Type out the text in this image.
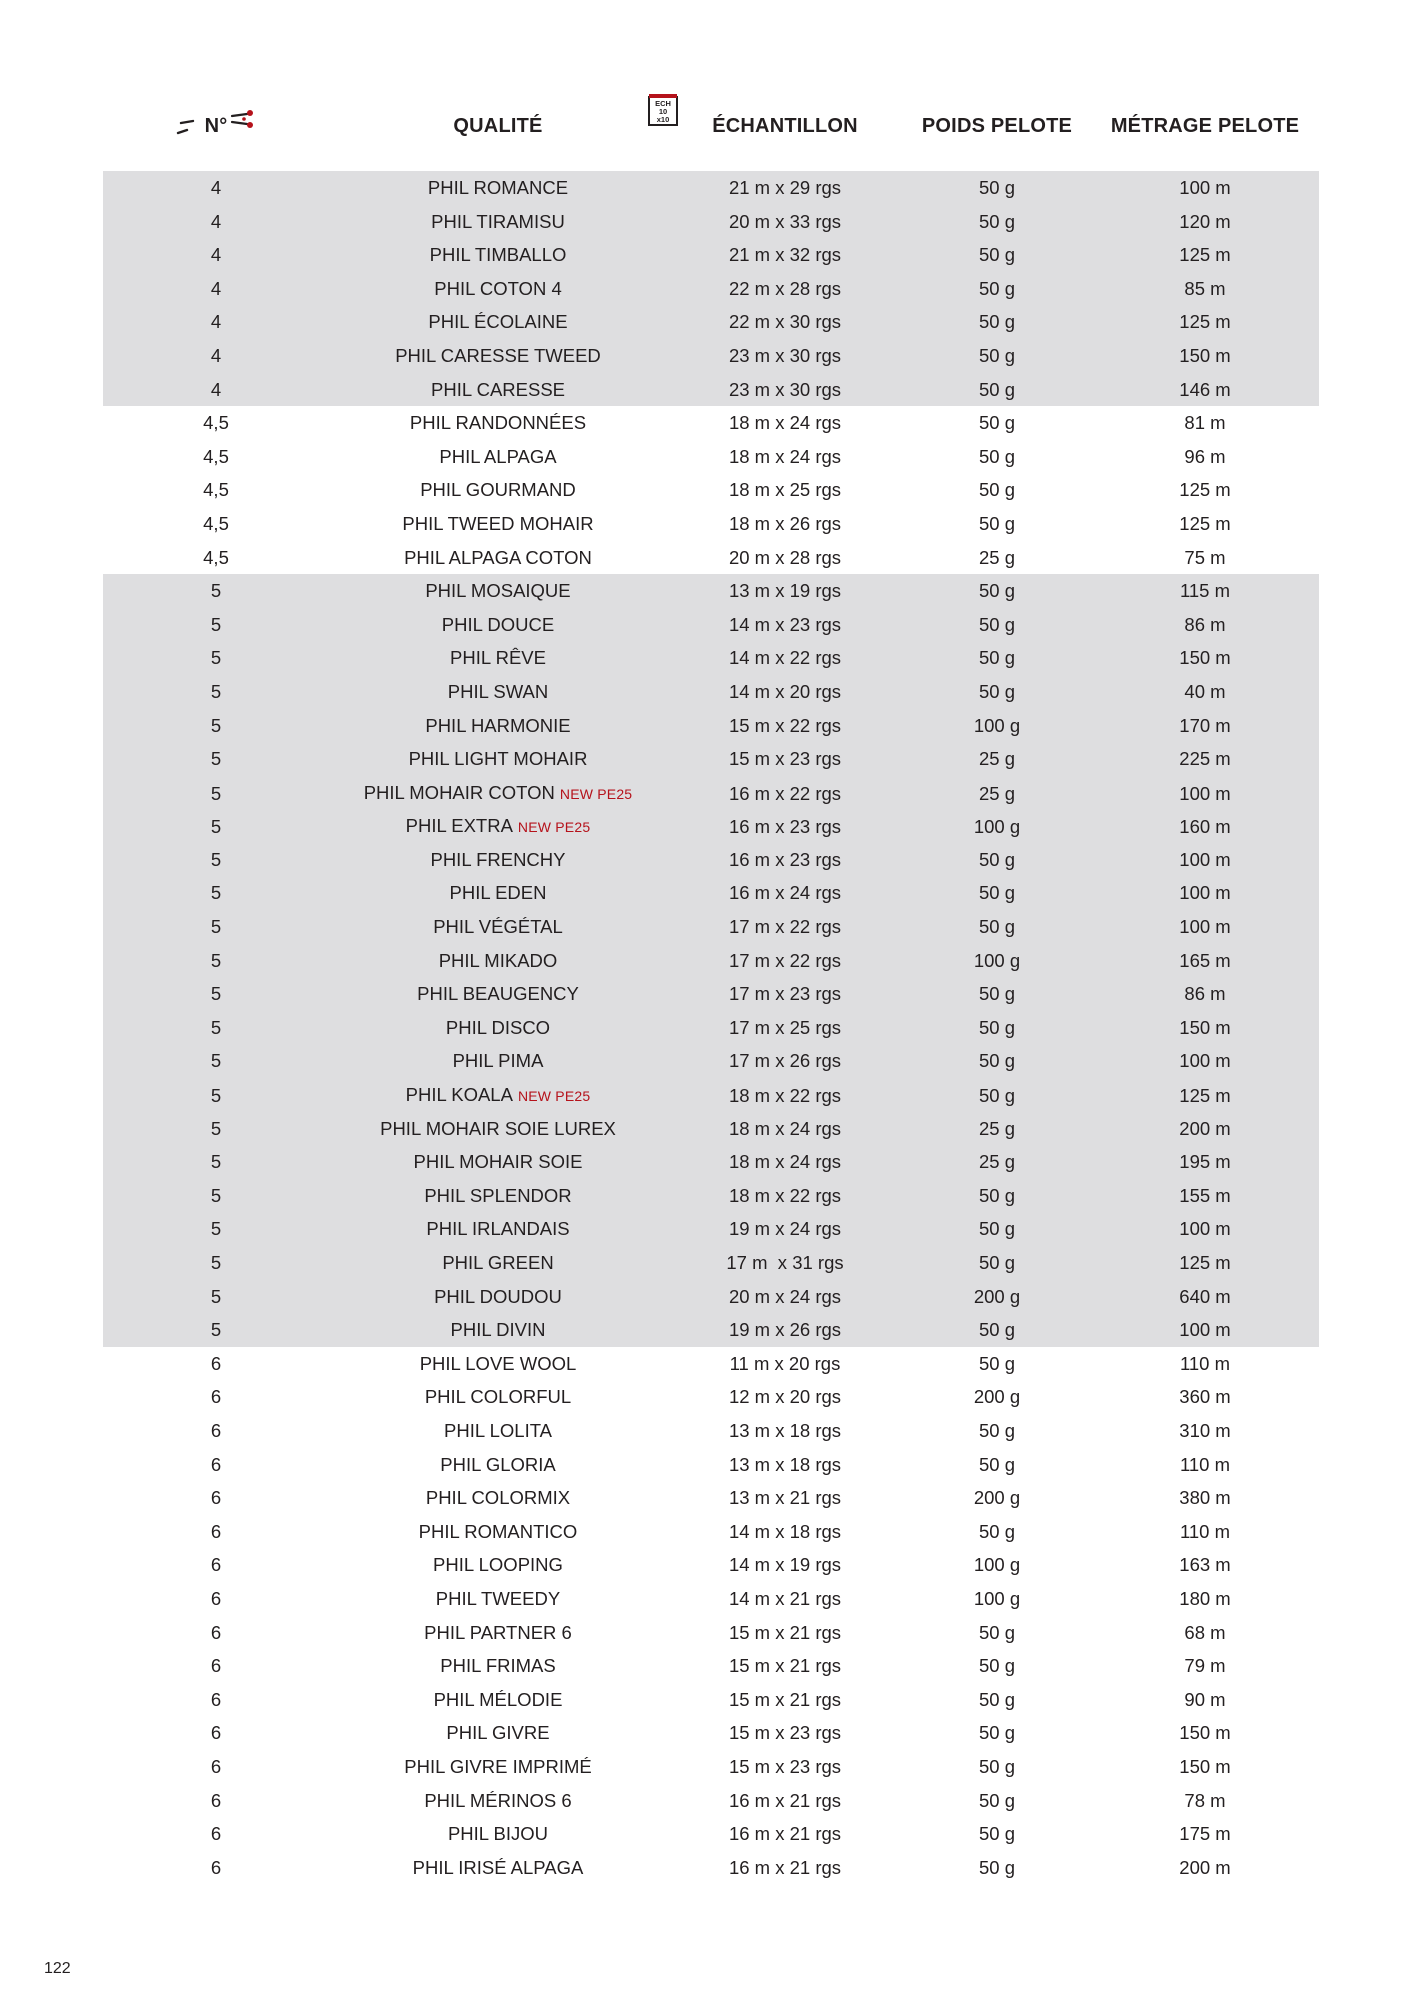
N°	QUALITÉ	ÉCHANTILLON	POIDS PELOTE	MÉTRAGE PELOTE
ECH
10
x10
4	PHIL ROMANCE	21 m x 29 rgs	50 g	100 m
4	PHIL TIRAMISU	20 m x 33 rgs	50 g	120 m
4	PHIL TIMBALLO	21 m x 32 rgs	50 g	125 m
4	PHIL COTON 4	22 m x 28 rgs	50 g	85 m
4	PHIL ÉCOLAINE	22 m x 30 rgs	50 g	125 m
4	PHIL CARESSE TWEED	23 m x 30 rgs	50 g	150 m
4	PHIL CARESSE	23 m x 30 rgs	50 g	146 m
4,5	PHIL RANDONNÉES	18 m x 24 rgs	50 g	81 m
4,5	PHIL ALPAGA	18 m x 24 rgs	50 g	96 m
4,5	PHIL GOURMAND	18 m x 25 rgs	50 g	125 m
4,5	PHIL TWEED MOHAIR	18 m x 26 rgs	50 g	125 m
4,5	PHIL ALPAGA COTON	20 m x 28 rgs	25 g	75 m
5	PHIL MOSAIQUE	13 m x 19 rgs	50 g	115 m
5	PHIL DOUCE	14 m x 23 rgs	50 g	86 m
5	PHIL RÊVE	14 m x 22 rgs	50 g	150 m
5	PHIL SWAN	14 m x 20 rgs	50 g	40 m
5	PHIL HARMONIE	15 m x 22 rgs	100 g	170 m
5	PHIL LIGHT MOHAIR	15 m x 23 rgs	25 g	225 m
5	PHIL MOHAIR COTON NEW PE25	16 m x 22 rgs	25 g	100 m
5	PHIL EXTRA NEW PE25	16 m x 23 rgs	100 g	160 m
5	PHIL FRENCHY	16 m x 23 rgs	50 g	100 m
5	PHIL EDEN	16 m x 24 rgs	50 g	100 m
5	PHIL VÉGÉTAL	17 m x 22 rgs	50 g	100 m
5	PHIL MIKADO	17 m x 22 rgs	100 g	165 m
5	PHIL BEAUGENCY	17 m x 23 rgs	50 g	86 m
5	PHIL DISCO	17 m x 25 rgs	50 g	150 m
5	PHIL PIMA	17 m x 26 rgs	50 g	100 m
5	PHIL KOALA NEW PE25	18 m x 22 rgs	50 g	125 m
5	PHIL MOHAIR SOIE LUREX	18 m x 24 rgs	25 g	200 m
5	PHIL MOHAIR SOIE	18 m x 24 rgs	25 g	195 m
5	PHIL SPLENDOR	18 m x 22 rgs	50 g	155 m
5	PHIL IRLANDAIS	19 m x 24 rgs	50 g	100 m
5	PHIL GREEN	17 m  x 31 rgs	50 g	125 m
5	PHIL DOUDOU	20 m x 24 rgs	200 g	640 m
5	PHIL DIVIN	19 m x 26 rgs	50 g	100 m
6	PHIL LOVE WOOL	11 m x 20 rgs	50 g	110 m
6	PHIL COLORFUL	12 m x 20 rgs	200 g	360 m
6	PHIL LOLITA	13 m x 18 rgs	50 g	310 m
6	PHIL GLORIA	13 m x 18 rgs	50 g	110 m
6	PHIL COLORMIX	13 m x 21 rgs	200 g	380 m
6	PHIL ROMANTICO	14 m x 18 rgs	50 g	110 m
6	PHIL LOOPING	14 m x 19 rgs	100 g	163 m
6	PHIL TWEEDY	14 m x 21 rgs	100 g	180 m
6	PHIL PARTNER 6	15 m x 21 rgs	50 g	68 m
6	PHIL FRIMAS	15 m x 21 rgs	50 g	79 m
6	PHIL MÉLODIE	15 m x 21 rgs	50 g	90 m
6	PHIL GIVRE	15 m x 23 rgs	50 g	150 m
6	PHIL GIVRE IMPRIMÉ	15 m x 23 rgs	50 g	150 m
6	PHIL MÉRINOS 6	16 m x 21 rgs	50 g	78 m
6	PHIL BIJOU	16 m x 21 rgs	50 g	175 m
6	PHIL IRISÉ ALPAGA	16 m x 21 rgs	50 g	200 m
122
